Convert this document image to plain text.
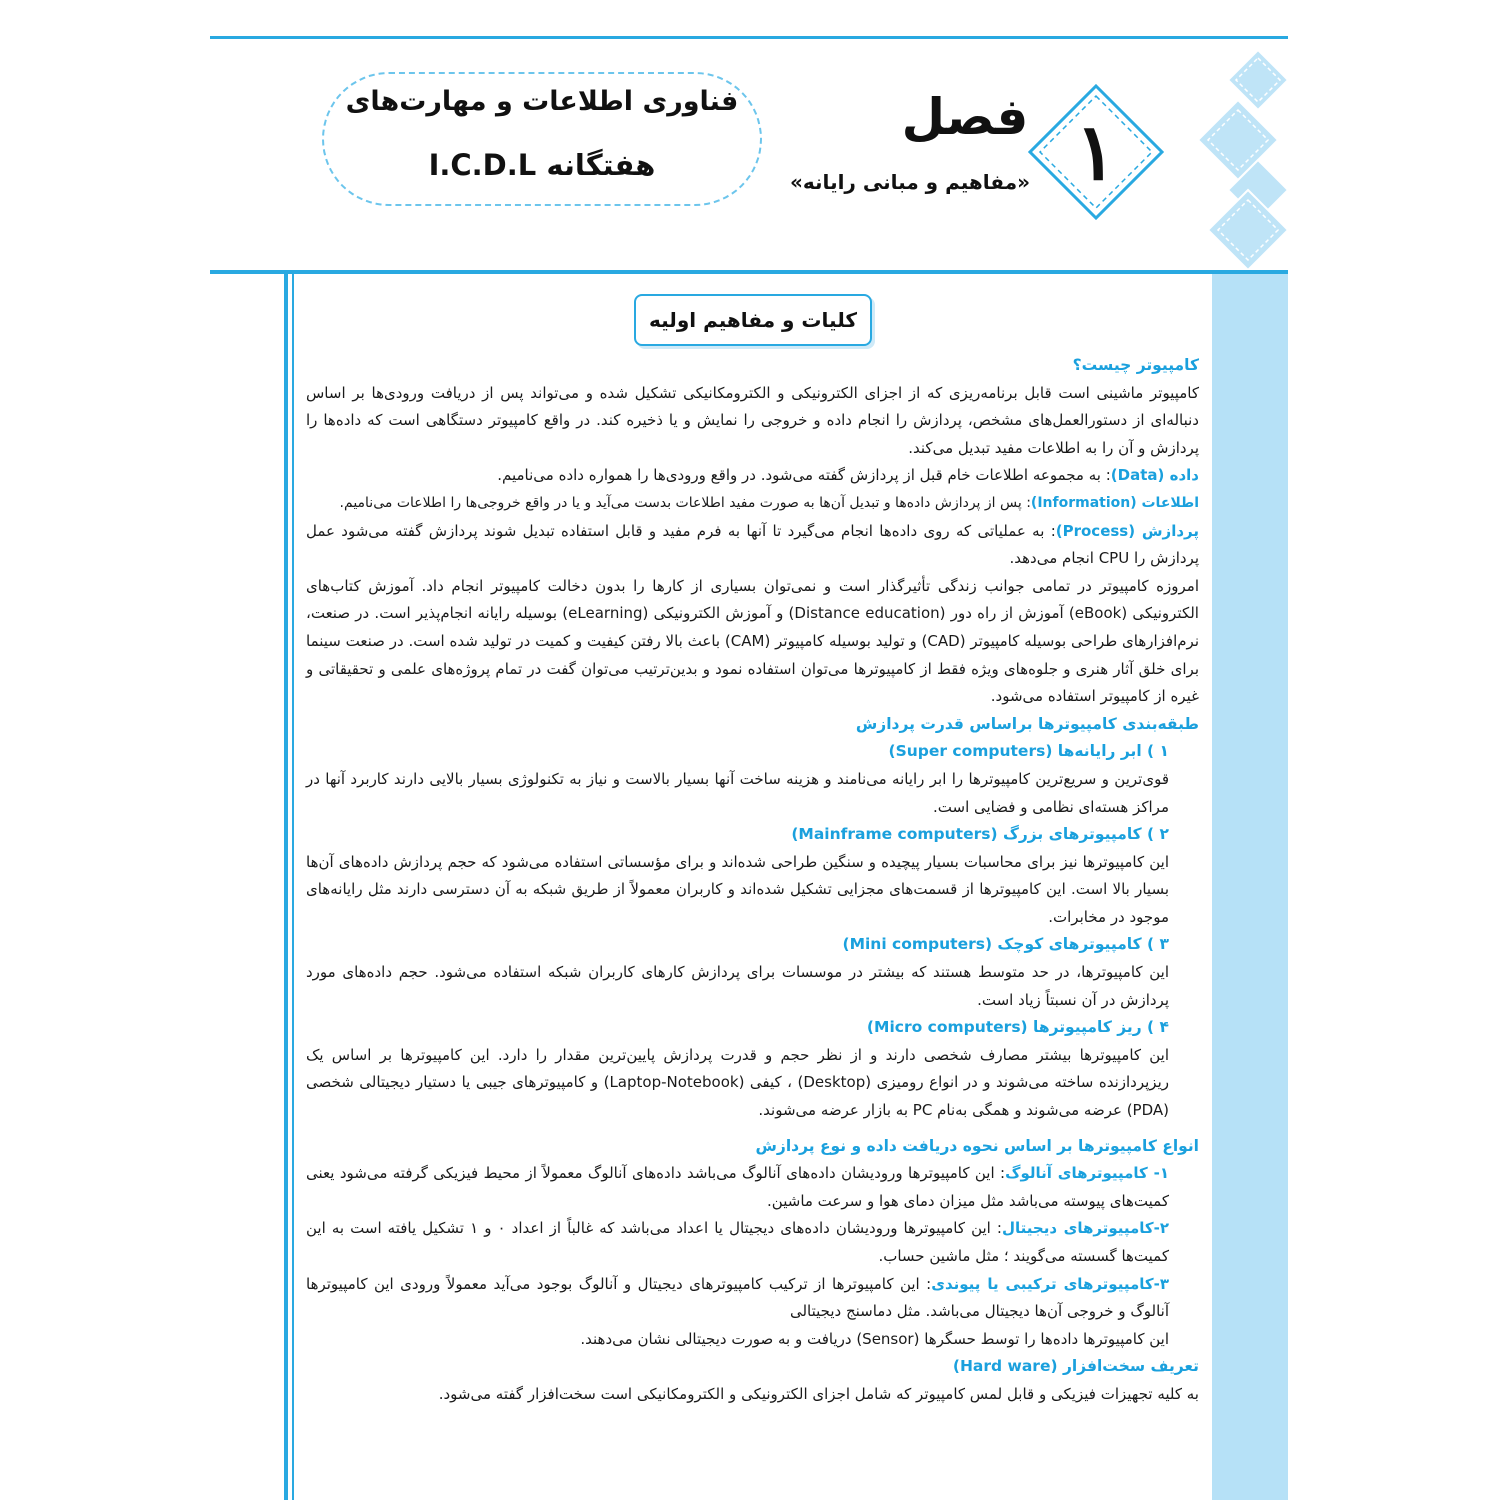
۱
فصل
«مفاهیم و مبانی رایانه»
فناوری اطلاعات و مهارت‌های
هفتگانه I.C.D.L
کلیات و مفاهیم اولیه

کامپیوتر چیست؟

کامپیوتر ماشینی است قابل برنامه‌ریزی که از اجزای الکترونیکی و الکترومکانیکی تشکیل شده و می‌تواند پس از دریافت ورودی‌ها بر اساس دنباله‌ای از دستورالعمل‌های مشخص، پردازش را انجام داده و خروجی را نمایش و یا ذخیره کند. در واقع کامپیوتر دستگاهی است که داده‌ها را پردازش و آن را به اطلاعات مفید تبدیل می‌کند.

داده (Data): به مجموعه اطلاعات خام قبل از پردازش گفته می‌شود. در واقع ورودی‌ها را همواره داده می‌نامیم.

اطلاعات (Information): پس از پردازش داده‌ها و تبدیل آن‌ها به صورت مفید اطلاعات بدست می‌آید و یا در واقع خروجی‌ها را اطلاعات می‌نامیم.

پردازش (Process): به عملیاتی که روی داده‌ها انجام می‌گیرد تا آنها به فرم مفید و قابل استفاده تبدیل شوند پردازش گفته می‌شود عمل پردازش را CPU انجام می‌دهد.

امروزه کامپیوتر در تمامی جوانب زندگی تأثیرگذار است و نمی‌توان بسیاری از کارها را بدون دخالت کامپیوتر انجام داد. آموزش کتاب‌های الکترونیکی (eBook) آموزش از راه دور (Distance education) و آموزش الکترونیکی (eLearning) بوسیله رایانه انجام‌پذیر است. در صنعت، نرم‌افزارهای طراحی بوسیله کامپیوتر (CAD) و تولید بوسیله کامپیوتر (CAM) باعث بالا رفتن کیفیت و کمیت در تولید شده است. در صنعت سینما برای خلق آثار هنری و جلوه‌های ویژه فقط از کامپیوترها می‌توان استفاده نمود و بدین‌ترتیب می‌توان گفت در تمام پروژه‌های علمی و تحقیقاتی و غیره از کامپیوتر استفاده می‌شود.

طبقه‌بندی کامپیوترها براساس قدرت پردازش

۱ ) ابر رایانه‌ها (Super computers)

قوی‌ترین و سریع‌ترین کامپیوترها را ابر رایانه می‌نامند و هزینه ساخت آنها بسیار بالاست و نیاز به تکنولوژی بسیار بالایی دارند کاربرد آنها در مراکز هسته‌ای نظامی و فضایی است.

۲ ) کامپیوترهای بزرگ (Mainframe computers)

این کامپیوترها نیز برای محاسبات بسیار پیچیده و سنگین طراحی شده‌اند و برای مؤسساتی استفاده می‌شود که حجم پردازش داده‌های آن‌ها بسیار بالا است. این کامپیوترها از قسمت‌های مجزایی تشکیل شده‌اند و کاربران معمولاً از طریق شبکه به آن دسترسی دارند مثل رایانه‌های موجود در مخابرات.

۳ ) کامپیوترهای کوچک (Mini computers)

این کامپیوترها، در حد متوسط هستند که بیشتر در موسسات برای پردازش کارهای کاربران شبکه استفاده می‌شود. حجم داده‌های مورد پردازش در آن نسبتاً زیاد است.

۴ ) ریز کامپیوترها (Micro computers)

این کامپیوترها بیشتر مصارف شخصی دارند و از نظر حجم و قدرت پردازش پایین‌ترین مقدار را دارد. این کامپیوترها بر اساس یک ریزپردازنده ساخته می‌شوند و در انواع رومیزی (Desktop) ، کیفی (Laptop-Notebook) و کامپیوترهای جیبی یا دستیار دیجیتالی شخصی (PDA) عرضه می‌شوند و همگی به‌نام PC به بازار عرضه می‌شوند.

انواع کامپیوترها بر اساس نحوه دریافت داده و نوع پردازش

۱- کامپیوترهای آنالوگ: این کامپیوترها ورودیشان داده‌های آنالوگ می‌باشد داده‌های آنالوگ معمولاً از محیط فیزیکی گرفته می‌شود یعنی کمیت‌های پیوسته می‌باشد مثل میزان دمای هوا و سرعت ماشین.

۲-کامپیوترهای دیجیتال: این کامپیوترها ورودیشان داده‌های دیجیتال یا اعداد می‌باشد که غالباً از اعداد ۰ و ۱ تشکیل یافته است به این کمیت‌ها گسسته می‌گویند ؛ مثل ماشین حساب.

۳-کامپیوترهای ترکیبی یا پیوندی: این کامپیوترها از ترکیب کامپیوترهای دیجیتال و آنالوگ بوجود می‌آید معمولاً ورودی این کامپیوترها آنالوگ و خروجی آن‌ها دیجیتال می‌باشد. مثل دماسنج دیجیتالی

این کامپیوترها داده‌ها را توسط حسگرها (Sensor) دریافت و به صورت دیجیتالی نشان می‌دهند.

تعریف سخت‌افزار (Hard ware)

به کلیه تجهیزات فیزیکی و قابل لمس کامپیوتر که شامل اجزای الکترونیکی و الکترومکانیکی است سخت‌افزار گفته می‌شود.
